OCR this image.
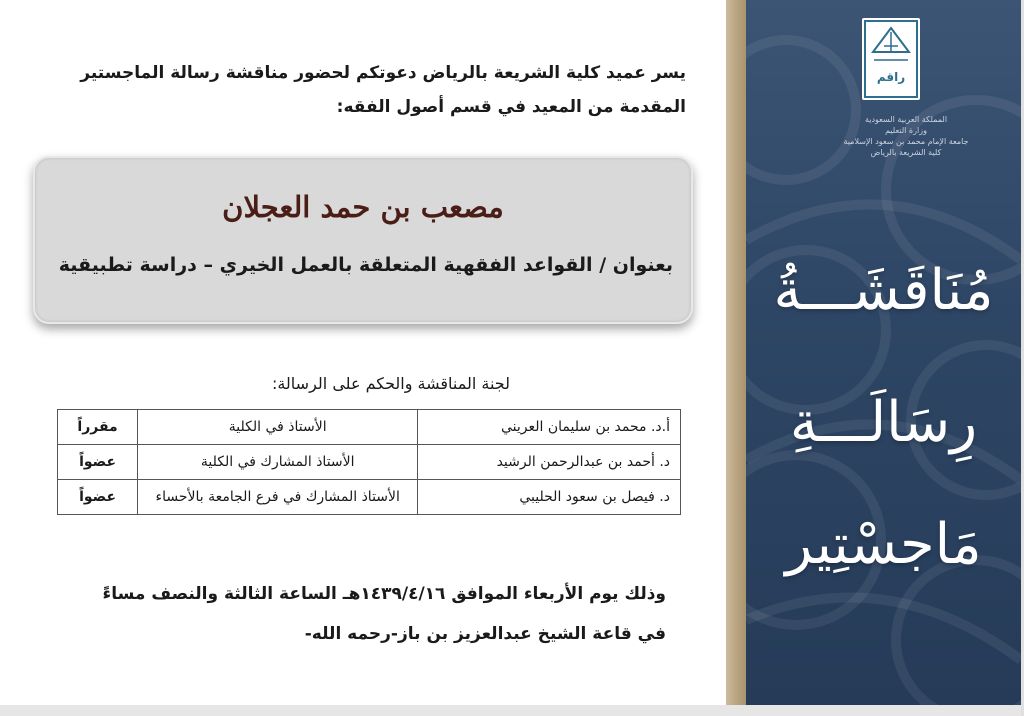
يسر عميد كلية الشريعة بالرياض دعوتكم لحضور مناقشة رسالة الماجستير
المقدمة من المعيد في قسم أصول الفقه:
مصعب بن حمد العجلان
بعنوان / القواعد الفقهية المتعلقة بالعمل الخيري – دراسة تطبيقية
لجنة المناقشة والحكم على الرسالة:
أ.د. محمد بن سليمان العريني	الأستاذ في الكلية	مقرراً
د. أحمد بن عبدالرحمن الرشيد	الأستاذ المشارك في الكلية	عضواً
د. فيصل بن سعود الحليبي	الأستاذ المشارك في فرع الجامعة بالأحساء	عضواً
وذلك يوم الأربعاء الموافق ١٤٣٩/٤/١٦هـ الساعة الثالثة والنصف مساءً
في قاعة الشيخ عبدالعزيز بن باز-رحمه الله-
ﺭﺍﻗﻢ
المملكة العربية السعودية
وزارة التعليم
جامعة الإمام محمد بن سعود الإسلامية
كلية الشريعة بالرياض
مُنَاقَشَـــةُ
رِسَالَـــةِ
مَاجسْتِير
